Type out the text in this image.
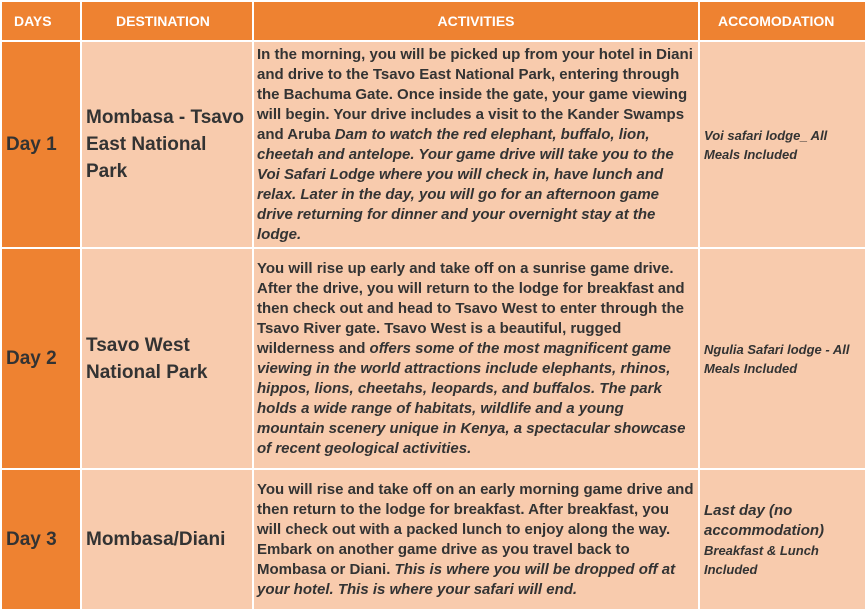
DAYS	DESTINATION	ACTIVITIES	ACCOMODATION
Day 1	Mombasa - Tsavo East National Park	In the morning, you will be picked up from your hotel in Diani and drive to the Tsavo East National Park, entering through the Bachuma Gate. Once inside the gate, your game viewing will begin. Your drive includes a visit to the Kander Swamps and Aruba Dam to watch the red elephant, buffalo, lion, cheetah and antelope. Your game drive will take you to the Voi Safari Lodge where you will check in, have lunch and relax. Later in the day, you will go for an afternoon game drive returning for dinner and your overnight stay at the lodge.	Voi safari lodge_ All Meals Included

Day 2	Tsavo West National Park	You will rise up early and take off on a sunrise game drive. After the drive, you will return to the lodge for breakfast and then check out and head to Tsavo West to enter through the Tsavo River gate. Tsavo West is a beautiful, rugged wilderness and offers some of the most magnificent game viewing in the world attractions include elephants, rhinos, hippos, lions, cheetahs, leopards, and buffalos. The park holds a wide range of habitats, wildlife and a young mountain scenery unique in Kenya, a spectacular showcase of recent geological activities.	Ngulia Safari lodge - All Meals Included

Day 3	Mombasa/Diani	You will rise and take off on an early morning game drive and then return to the lodge for breakfast. After breakfast, you will check out with a packed lunch to enjoy along the way. Embark on another game drive as you travel back to Mombasa or Diani. This is where you will be dropped off at your hotel. This is where your safari will end.	Last day (no accommodation)
Breakfast & Lunch Included
